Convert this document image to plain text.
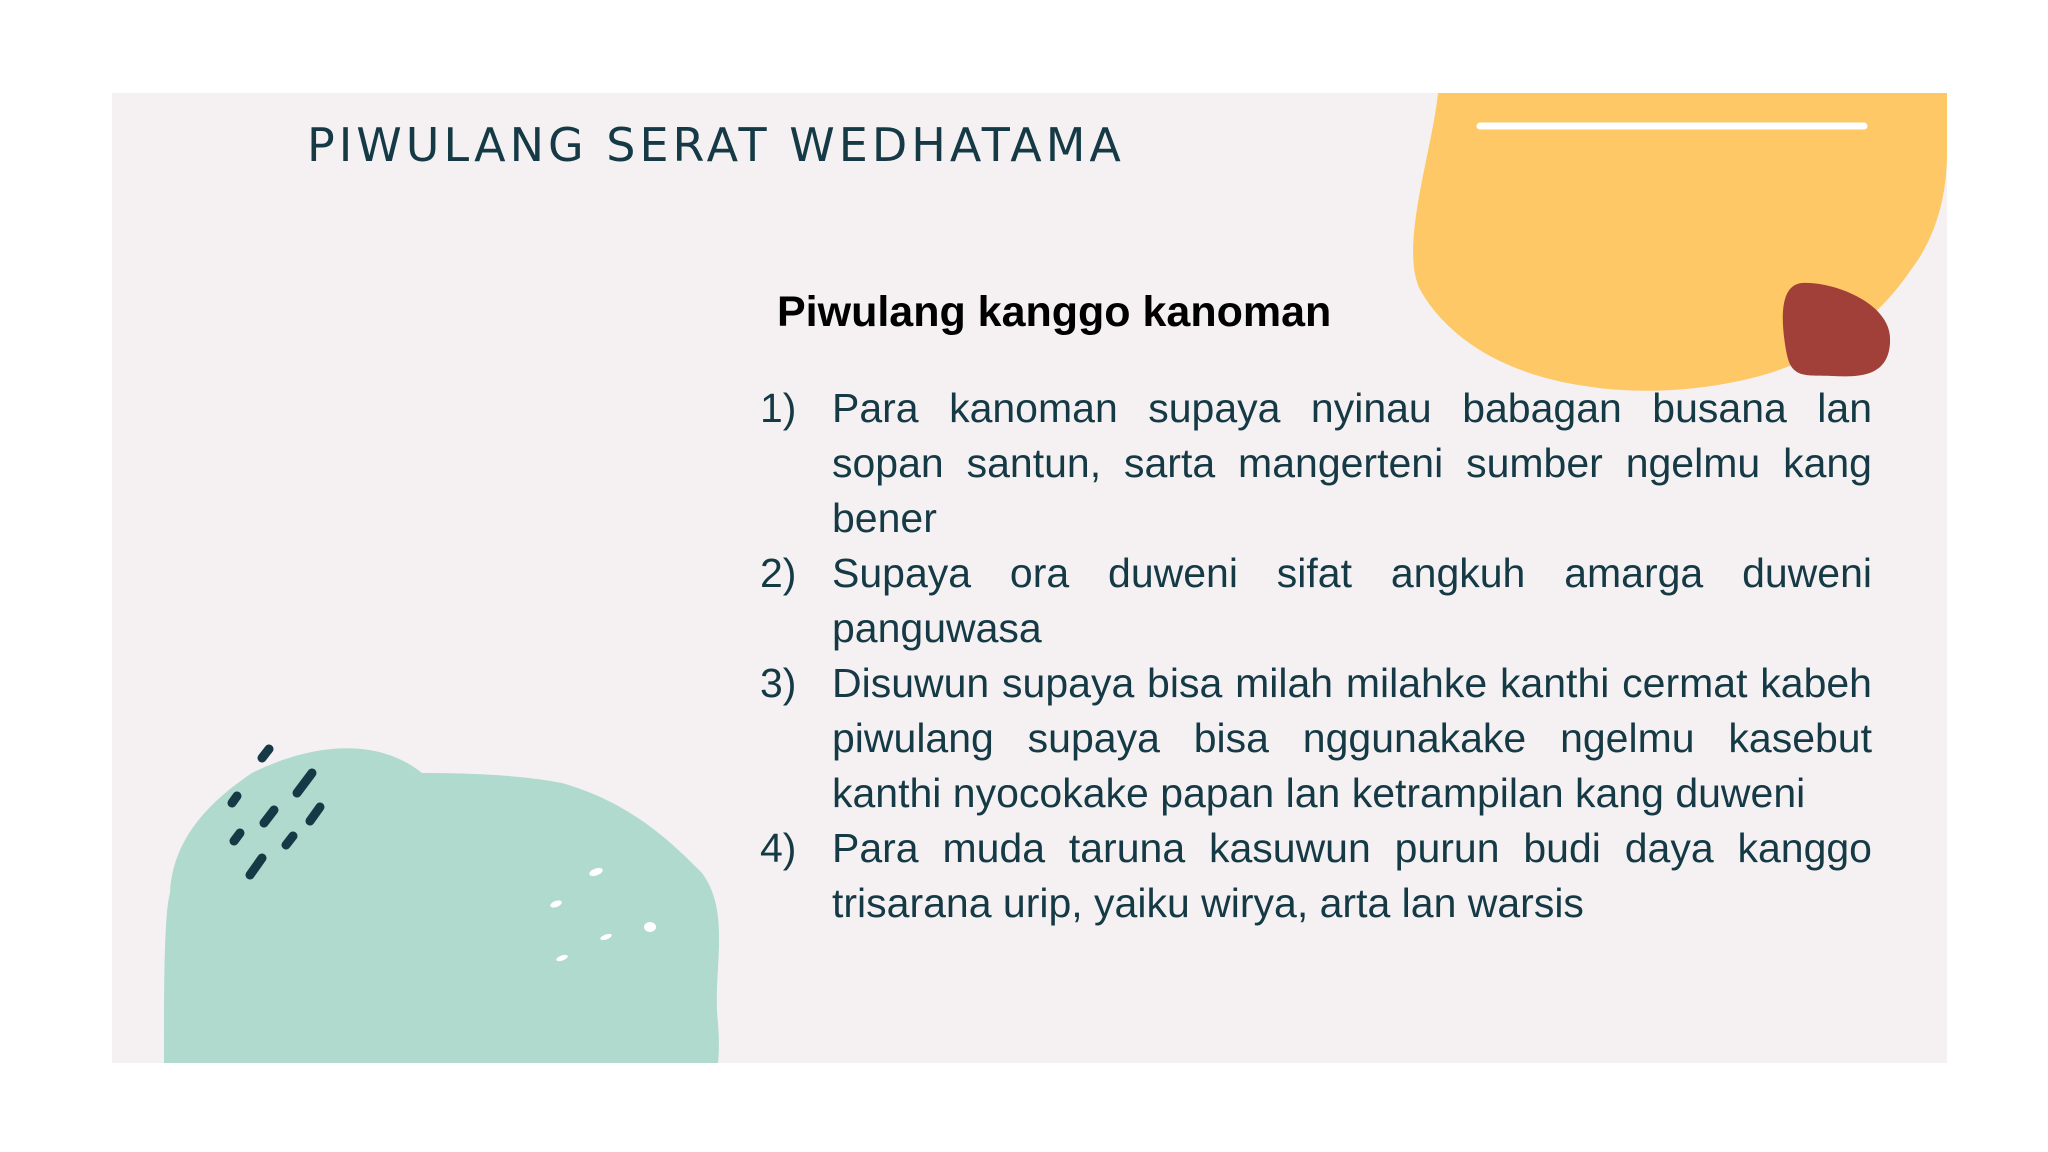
PIWULANG SERAT WEDHATAMA
Piwulang kanggo kanoman
1) Para kanoman supaya nyinau babagan busana lan sopan santun, sarta mangerteni sumber ngelmu kang bener
2) Supaya ora duweni sifat angkuh amarga duweni panguwasa
3) Disuwun supaya bisa milah milahke kanthi cermat kabeh piwulang supaya bisa nggunakake ngelmu kasebut kanthi nyocokake papan lan ketrampilan kang duweni
4) Para muda taruna kasuwun purun budi daya kanggo trisarana urip, yaiku wirya, arta lan warsis
